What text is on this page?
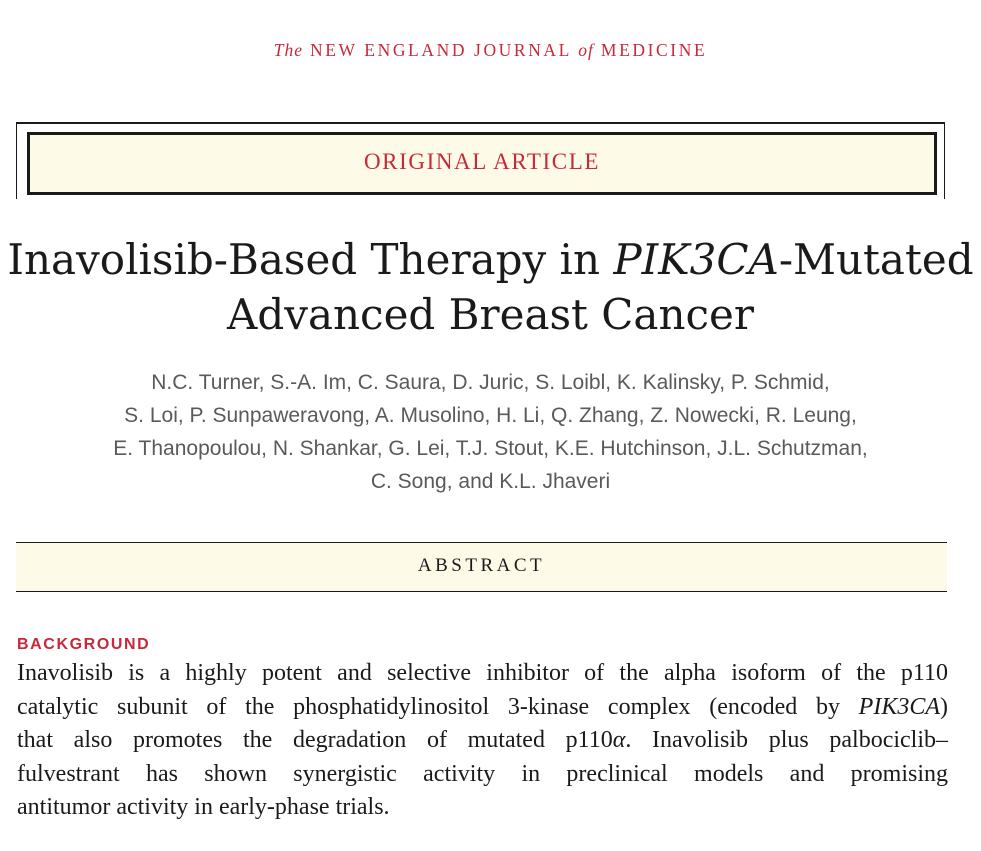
The NEW ENGLAND JOURNAL of MEDICINE
ORIGINAL ARTICLE
Inavolisib-Based Therapy in PIK3CA-Mutated
Advanced Breast Cancer
N.C. Turner, S.-A. Im, C. Saura, D. Juric, S. Loibl, K. Kalinsky, P. Schmid,
S. Loi, P. Sunpaweravong, A. Musolino, H. Li, Q. Zhang, Z. Nowecki, R. Leung,
E. Thanopoulou, N. Shankar, G. Lei, T.J. Stout, K.E. Hutchinson, J.L. Schutzman,
C. Song, and K.L. Jhaveri
ABSTRACT
BACKGROUND
Inavolisib is a highly potent and selective inhibitor of the alpha isoform of the p110
catalytic subunit of the phosphatidylinositol 3-kinase complex (encoded by PIK3CA)
that also promotes the degradation of mutated p110α. Inavolisib plus palbociclib–
fulvestrant has shown synergistic activity in preclinical models and promising
antitumor activity in early-phase trials.
